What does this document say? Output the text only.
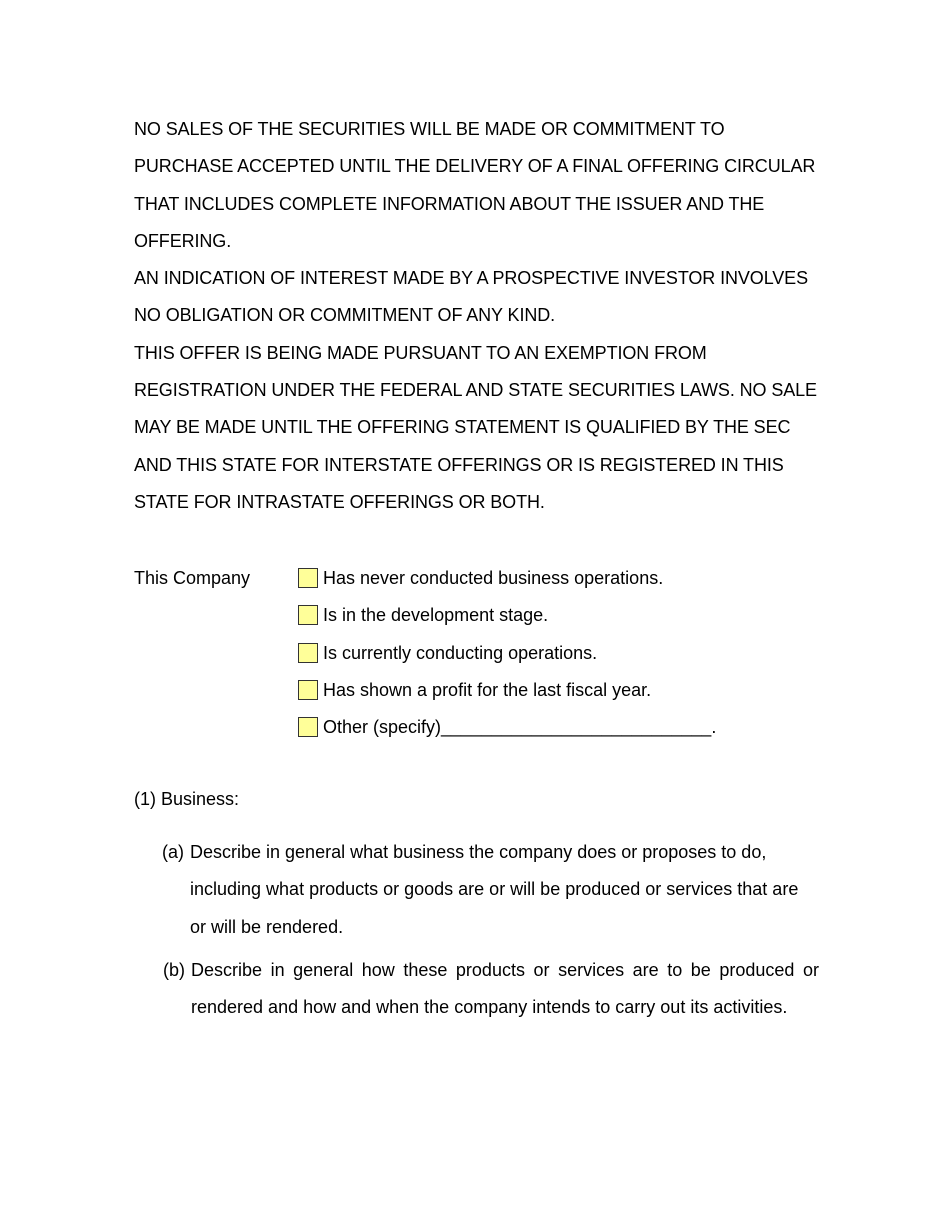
NO SALES OF THE SECURITIES WILL BE MADE OR COMMITMENT TO PURCHASE ACCEPTED UNTIL THE DELIVERY OF A FINAL OFFERING CIRCULAR THAT INCLUDES COMPLETE INFORMATION ABOUT THE ISSUER AND THE OFFERING.

AN INDICATION OF INTEREST MADE BY A PROSPECTIVE INVESTOR INVOLVES NO OBLIGATION OR COMMITMENT OF ANY KIND.

THIS OFFER IS BEING MADE PURSUANT TO AN EXEMPTION FROM REGISTRATION UNDER THE FEDERAL AND STATE SECURITIES LAWS. NO SALE MAY BE MADE UNTIL THE OFFERING STATEMENT IS QUALIFIED BY THE SEC AND THIS STATE FOR INTERSTATE OFFERINGS OR IS REGISTERED IN THIS STATE FOR INTRASTATE OFFERINGS OR BOTH.

This Company	Has never conducted business operations.
Is in the development stage.
Is currently conducting operations.
Has shown a profit for the last fiscal year.
Other (specify) ___________________________ .
(1) Business:
(a) Describe in general what business the company does or proposes to do, including what products or goods are or will be produced or services that are or will be rendered.
(b) Describe in general how these products or services are to be produced or rendered and how and when the company intends to carry out its activities.
